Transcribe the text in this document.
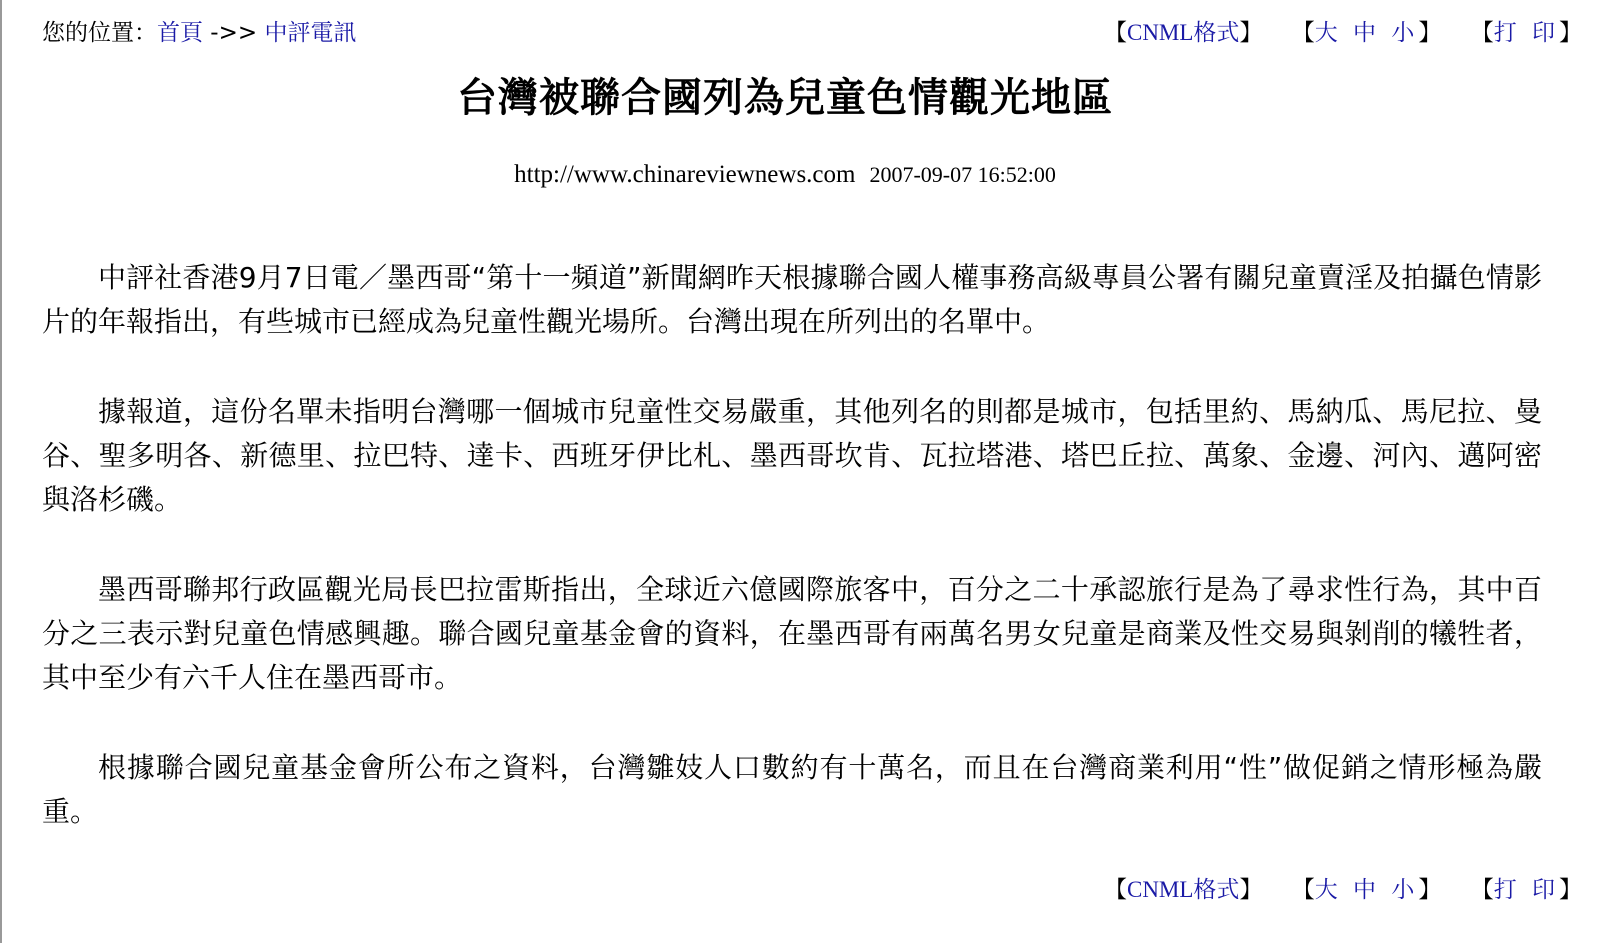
您的位置：首頁 ->> 中評電訊	【CNML格式】 【大 中 小】 【打 印】
台灣被聯合國列為兒童色情觀光地區
http://www.chinareviewnews.com 2007-09-07 16:52:00

中評社香港9月7日電／墨西哥“第十一頻道”新聞網昨天根據聯合國人權事務高級專員公署有關兒童賣淫及拍攝色情影片的年報指出，有些城市已經成為兒童性觀光場所。台灣出現在所列出的名單中。

據報道，這份名單未指明台灣哪一個城市兒童性交易嚴重，其他列名的則都是城市，包括里約、馬納瓜、馬尼拉、曼谷、聖多明各、新德里、拉巴特、達卡、西班牙伊比札、墨西哥坎肯、瓦拉塔港、塔巴丘拉、萬象、金邊、河內、邁阿密與洛杉磯。

墨西哥聯邦行政區觀光局長巴拉雷斯指出，全球近六億國際旅客中，百分之二十承認旅行是為了尋求性行為，其中百分之三表示對兒童色情感興趣。聯合國兒童基金會的資料，在墨西哥有兩萬名男女兒童是商業及性交易與剝削的犧牲者，其中至少有六千人住在墨西哥市。

根據聯合國兒童基金會所公布之資料，台灣雛妓人口數約有十萬名，而且在台灣商業利用“性”做促銷之情形極為嚴重。

【CNML格式】 【大 中 小】 【打 印】
